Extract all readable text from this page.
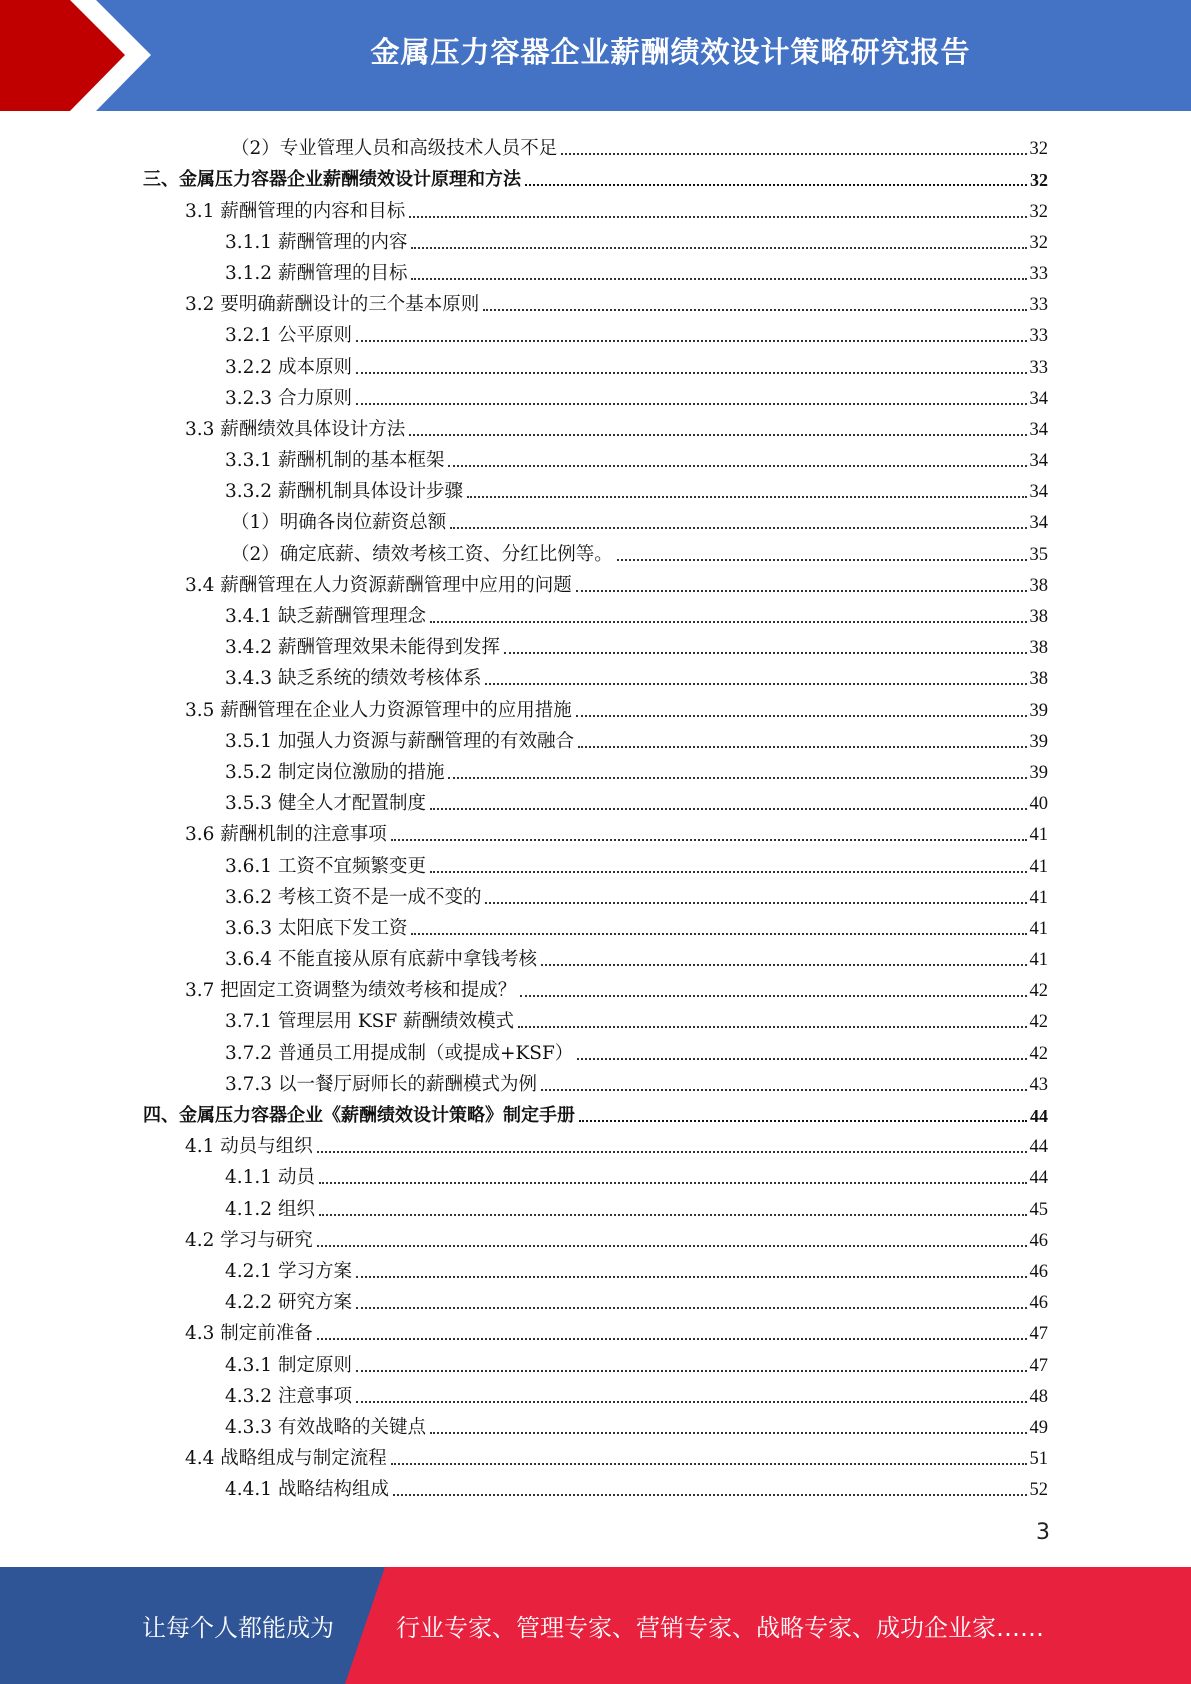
金属压力容器企业薪酬绩效设计策略研究报告
（2）专业管理人员和高级技术人员不足	32
三、金属压力容器企业薪酬绩效设计原理和方法	32
3.1 薪酬管理的内容和目标	32
3.1.1 薪酬管理的内容	32
3.1.2 薪酬管理的目标	33
3.2 要明确薪酬设计的三个基本原则	33
3.2.1 公平原则	33
3.2.2 成本原则	33
3.2.3 合力原则	34
3.3 薪酬绩效具体设计方法	34
3.3.1 薪酬机制的基本框架	34
3.3.2 薪酬机制具体设计步骤	34
（1）明确各岗位薪资总额	34
（2）确定底薪、绩效考核工资、分红比例等。	35
3.4 薪酬管理在人力资源薪酬管理中应用的问题	38
3.4.1 缺乏薪酬管理理念	38
3.4.2 薪酬管理效果未能得到发挥	38
3.4.3 缺乏系统的绩效考核体系	38
3.5 薪酬管理在企业人力资源管理中的应用措施	39
3.5.1 加强人力资源与薪酬管理的有效融合	39
3.5.2 制定岗位激励的措施	39
3.5.3 健全人才配置制度	40
3.6 薪酬机制的注意事项	41
3.6.1 工资不宜频繁变更	41
3.6.2 考核工资不是一成不变的	41
3.6.3 太阳底下发工资	41
3.6.4 不能直接从原有底薪中拿钱考核	41
3.7 把固定工资调整为绩效考核和提成？	42
3.7.1 管理层用 KSF 薪酬绩效模式	42
3.7.2 普通员工用提成制（或提成+KSF）	42
3.7.3 以一餐厅厨师长的薪酬模式为例	43
四、金属压力容器企业《薪酬绩效设计策略》制定手册	44
4.1 动员与组织	44
4.1.1 动员	44
4.1.2 组织	45
4.2 学习与研究	46
4.2.1 学习方案	46
4.2.2 研究方案	46
4.3 制定前准备	47
4.3.1 制定原则	47
4.3.2 注意事项	48
4.3.3 有效战略的关键点	49
4.4 战略组成与制定流程	51
4.4.1 战略结构组成	52
3
让每个人都能成为	行业专家、管理专家、营销专家、战略专家、成功企业家……
